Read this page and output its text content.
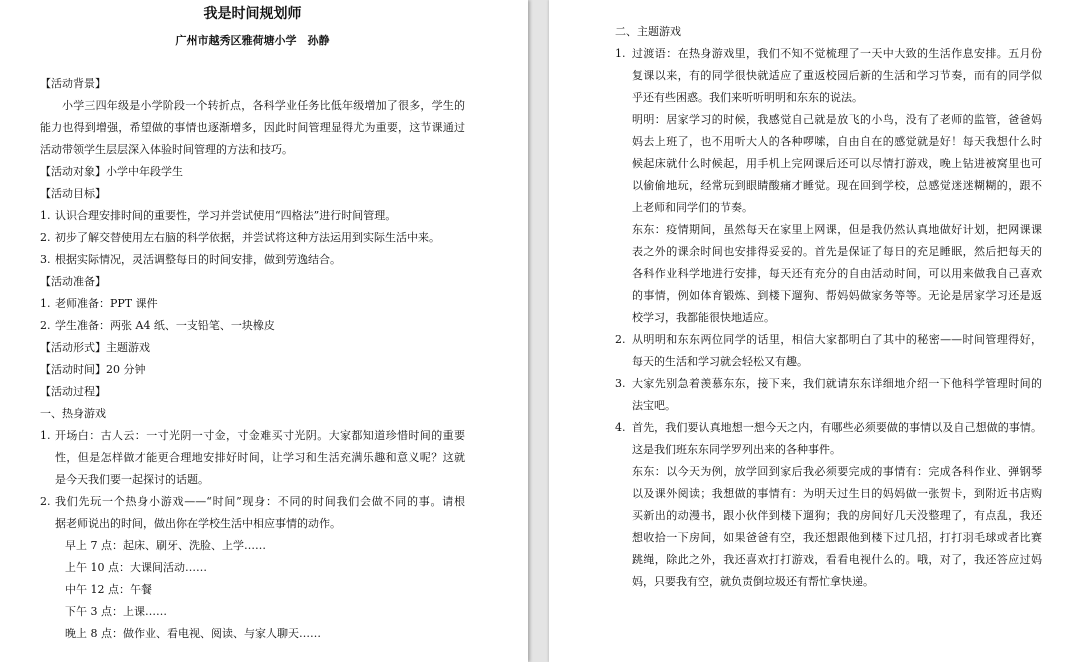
我是时间规划师
广州市越秀区雅荷塘小学　孙静
【活动背景】
小学三四年级是小学阶段一个转折点，各科学业任务比低年级增加了很多，学生的
能力也得到增强，希望做的事情也逐渐增多，因此时间管理显得尤为重要，这节课通过
活动带领学生层层深入体验时间管理的方法和技巧。
【活动对象】小学中年段学生
【活动目标】
1. 认识合理安排时间的重要性，学习并尝试使用“四格法”进行时间管理。
2. 初步了解交替使用左右脑的科学依据，并尝试将这种方法运用到实际生活中来。
3. 根据实际情况，灵活调整每日的时间安排，做到劳逸结合。
【活动准备】
1. 老师准备：PPT 课件
2. 学生准备：两张 A4 纸、一支铅笔、一块橡皮
【活动形式】主题游戏
【活动时间】20 分钟
【活动过程】
一、热身游戏
1. 开场白：古人云：一寸光阴一寸金，寸金难买寸光阴。大家都知道珍惜时间的重要
性，但是怎样做才能更合理地安排好时间，让学习和生活充满乐趣和意义呢？这就
是今天我们要一起探讨的话题。
2. 我们先玩一个热身小游戏——“时间”现身：不同的时间我们会做不同的事。请根
据老师说出的时间，做出你在学校生活中相应事情的动作。
早上 7 点：起床、刷牙、洗脸、上学……
上午 10 点：大课间活动……
中午 12 点：午餐
下午 3 点：上课……
晚上 8 点：做作业、看电视、阅读、与家人聊天……
二、主题游戏
1. 过渡语：在热身游戏里，我们不知不觉梳理了一天中大致的生活作息安排。五月份
复课以来，有的同学很快就适应了重返校园后新的生活和学习节奏，而有的同学似
乎还有些困惑。我们来听听明明和东东的说法。
明明：居家学习的时候，我感觉自己就是放飞的小鸟，没有了老师的监管，爸爸妈
妈去上班了，也不用听大人的各种啰嗦，自由自在的感觉就是好！每天我想什么时
候起床就什么时候起，用手机上完网课后还可以尽情打游戏，晚上钻进被窝里也可
以偷偷地玩，经常玩到眼睛酸痛才睡觉。现在回到学校，总感觉迷迷糊糊的，跟不
上老师和同学们的节奏。
东东：疫情期间，虽然每天在家里上网课，但是我仍然认真地做好计划，把网课课
表之外的课余时间也安排得妥妥的。首先是保证了每日的充足睡眠，然后把每天的
各科作业科学地进行安排，每天还有充分的自由活动时间，可以用来做我自己喜欢
的事情，例如体育锻炼、到楼下遛狗、帮妈妈做家务等等。无论是居家学习还是返
校学习，我都能很快地适应。
2. 从明明和东东两位同学的话里，相信大家都明白了其中的秘密——时间管理得好，
每天的生活和学习就会轻松又有趣。
3. 大家先别急着羡慕东东，接下来，我们就请东东详细地介绍一下他科学管理时间的
法宝吧。
4. 首先，我们要认真地想一想今天之内，有哪些必须要做的事情以及自己想做的事情。
这是我们班东东同学罗列出来的各种事件。
东东：以今天为例，放学回到家后我必须要完成的事情有：完成各科作业、弹钢琴
以及课外阅读；我想做的事情有：为明天过生日的妈妈做一张贺卡，到附近书店购
买新出的动漫书，跟小伙伴到楼下遛狗；我的房间好几天没整理了，有点乱，我还
想收拾一下房间，如果爸爸有空，我还想跟他到楼下过几招，打打羽毛球或者比赛
跳绳，除此之外，我还喜欢打打游戏，看看电视什么的。哦，对了，我还答应过妈
妈，只要我有空，就负责倒垃圾还有帮忙拿快递。
